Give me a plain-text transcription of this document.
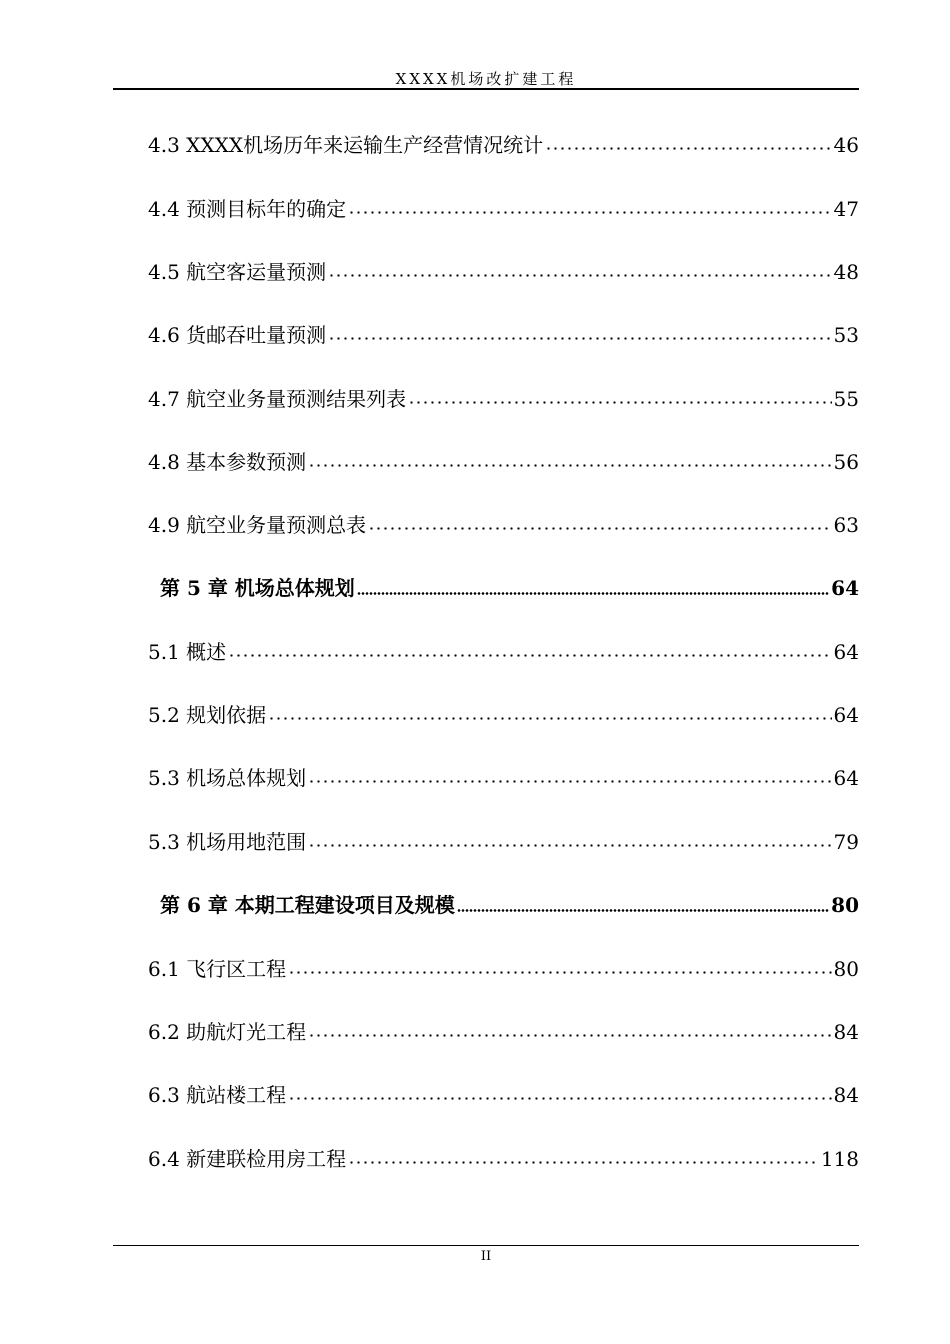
XXXX机场改扩建工程
4.3 XXXX机场历年来运输生产经营情况统计	46
4.4 预测目标年的确定	47
4.5 航空客运量预测	48
4.6 货邮吞吐量预测	53
4.7 航空业务量预测结果列表	55
4.8 基本参数预测	56
4.9 航空业务量预测总表	63
第 5 章 机场总体规划	64
5.1 概述	64
5.2 规划依据	64
5.3 机场总体规划	64
5.3 机场用地范围	79
第 6 章 本期工程建设项目及规模	80
6.1 飞行区工程	80
6.2 助航灯光工程	84
6.3 航站楼工程	84
6.4 新建联检用房工程	118
II
